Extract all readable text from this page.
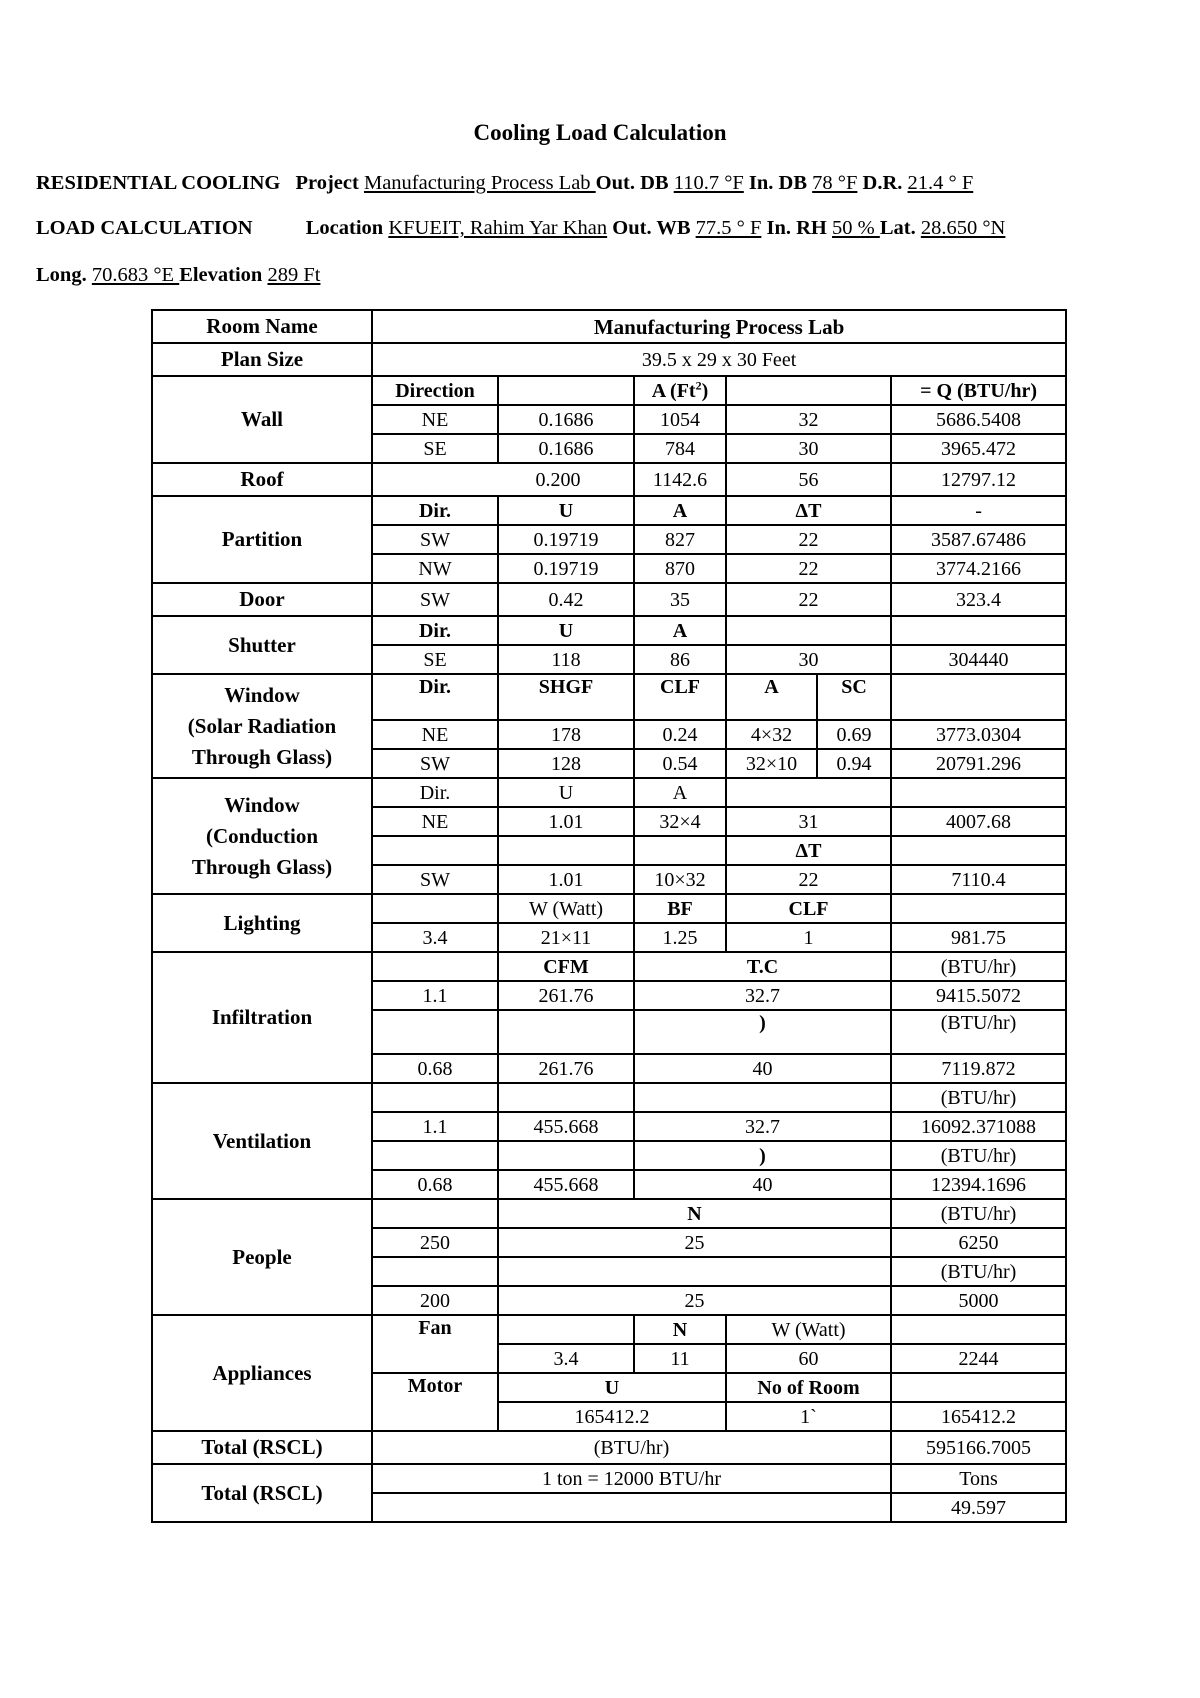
Cooling Load Calculation
RESIDENTIAL COOLING Project Manufacturing Process Lab Out. DB 110.7 °F In. DB 78 °F D.R. 21.4 ° F
LOAD CALCULATION	Location KFUEIT, Rahim Yar Khan Out. WB 77.5 ° F In. RH 50 % Lat. 28.650 °N
Long. 70.683 °E Elevation 289 Ft
Room Name	Manufacturing Process Lab					
Plan Size	39.5 x 29 x 30 Feet					
Wall	Direction		A (Ft$^2$)			= Q (BTU/hr)
	NE	0.1686	1054	32		5686.5408
	SE	0.1686	784	30		3965.472
Roof	0.200		1142.6	56		12797.12
Partition	Dir.	U	A	ΔT		-
	SW	0.19719	827	22		3587.67486
	NW	0.19719	870	22		3774.2166
Door	SW	0.42	35	22		323.4
Shutter	Dir.	U	A			
	SE	118	86	30		304440

Window
(Solar Radiation
Through Glass)	Dir.	SHGF	CLF	A	SC	
	NE	178	0.24	4×32	0.69	3773.0304
	SW	128	0.54	32×10	0.94	20791.296

Window
(Conduction
Through Glass)	Dir.	U	A			
	NE	1.01	32×4	31		4007.68
				ΔT		
	SW	1.01	10×32	22		7110.4
Lighting		W (Watt)	BF	CLF		
	3.4	21×11	1.25	1		981.75
Infiltration		CFM	T.C			(BTU/hr)
	1.1	261.76	32.7			9415.5072
			)			(BTU/hr)
	0.68	261.76	40			7119.872
Ventilation						(BTU/hr)
	1.1	455.668	32.7			16092.371088
			)			(BTU/hr)
	0.68	455.668	40			12394.1696
People		N				(BTU/hr)
	250	25				6250
						(BTU/hr)
	200	25				5000
Appliances	Fan		N	W (Watt)		
		3.4	11	60		2244
	Motor	U		No of Room		
		165412.2		1`		165412.2
Total (RSCL)	(BTU/hr)					595166.7005
Total (RSCL)	1 ton = 12000 BTU/hr					Tons
						49.597
